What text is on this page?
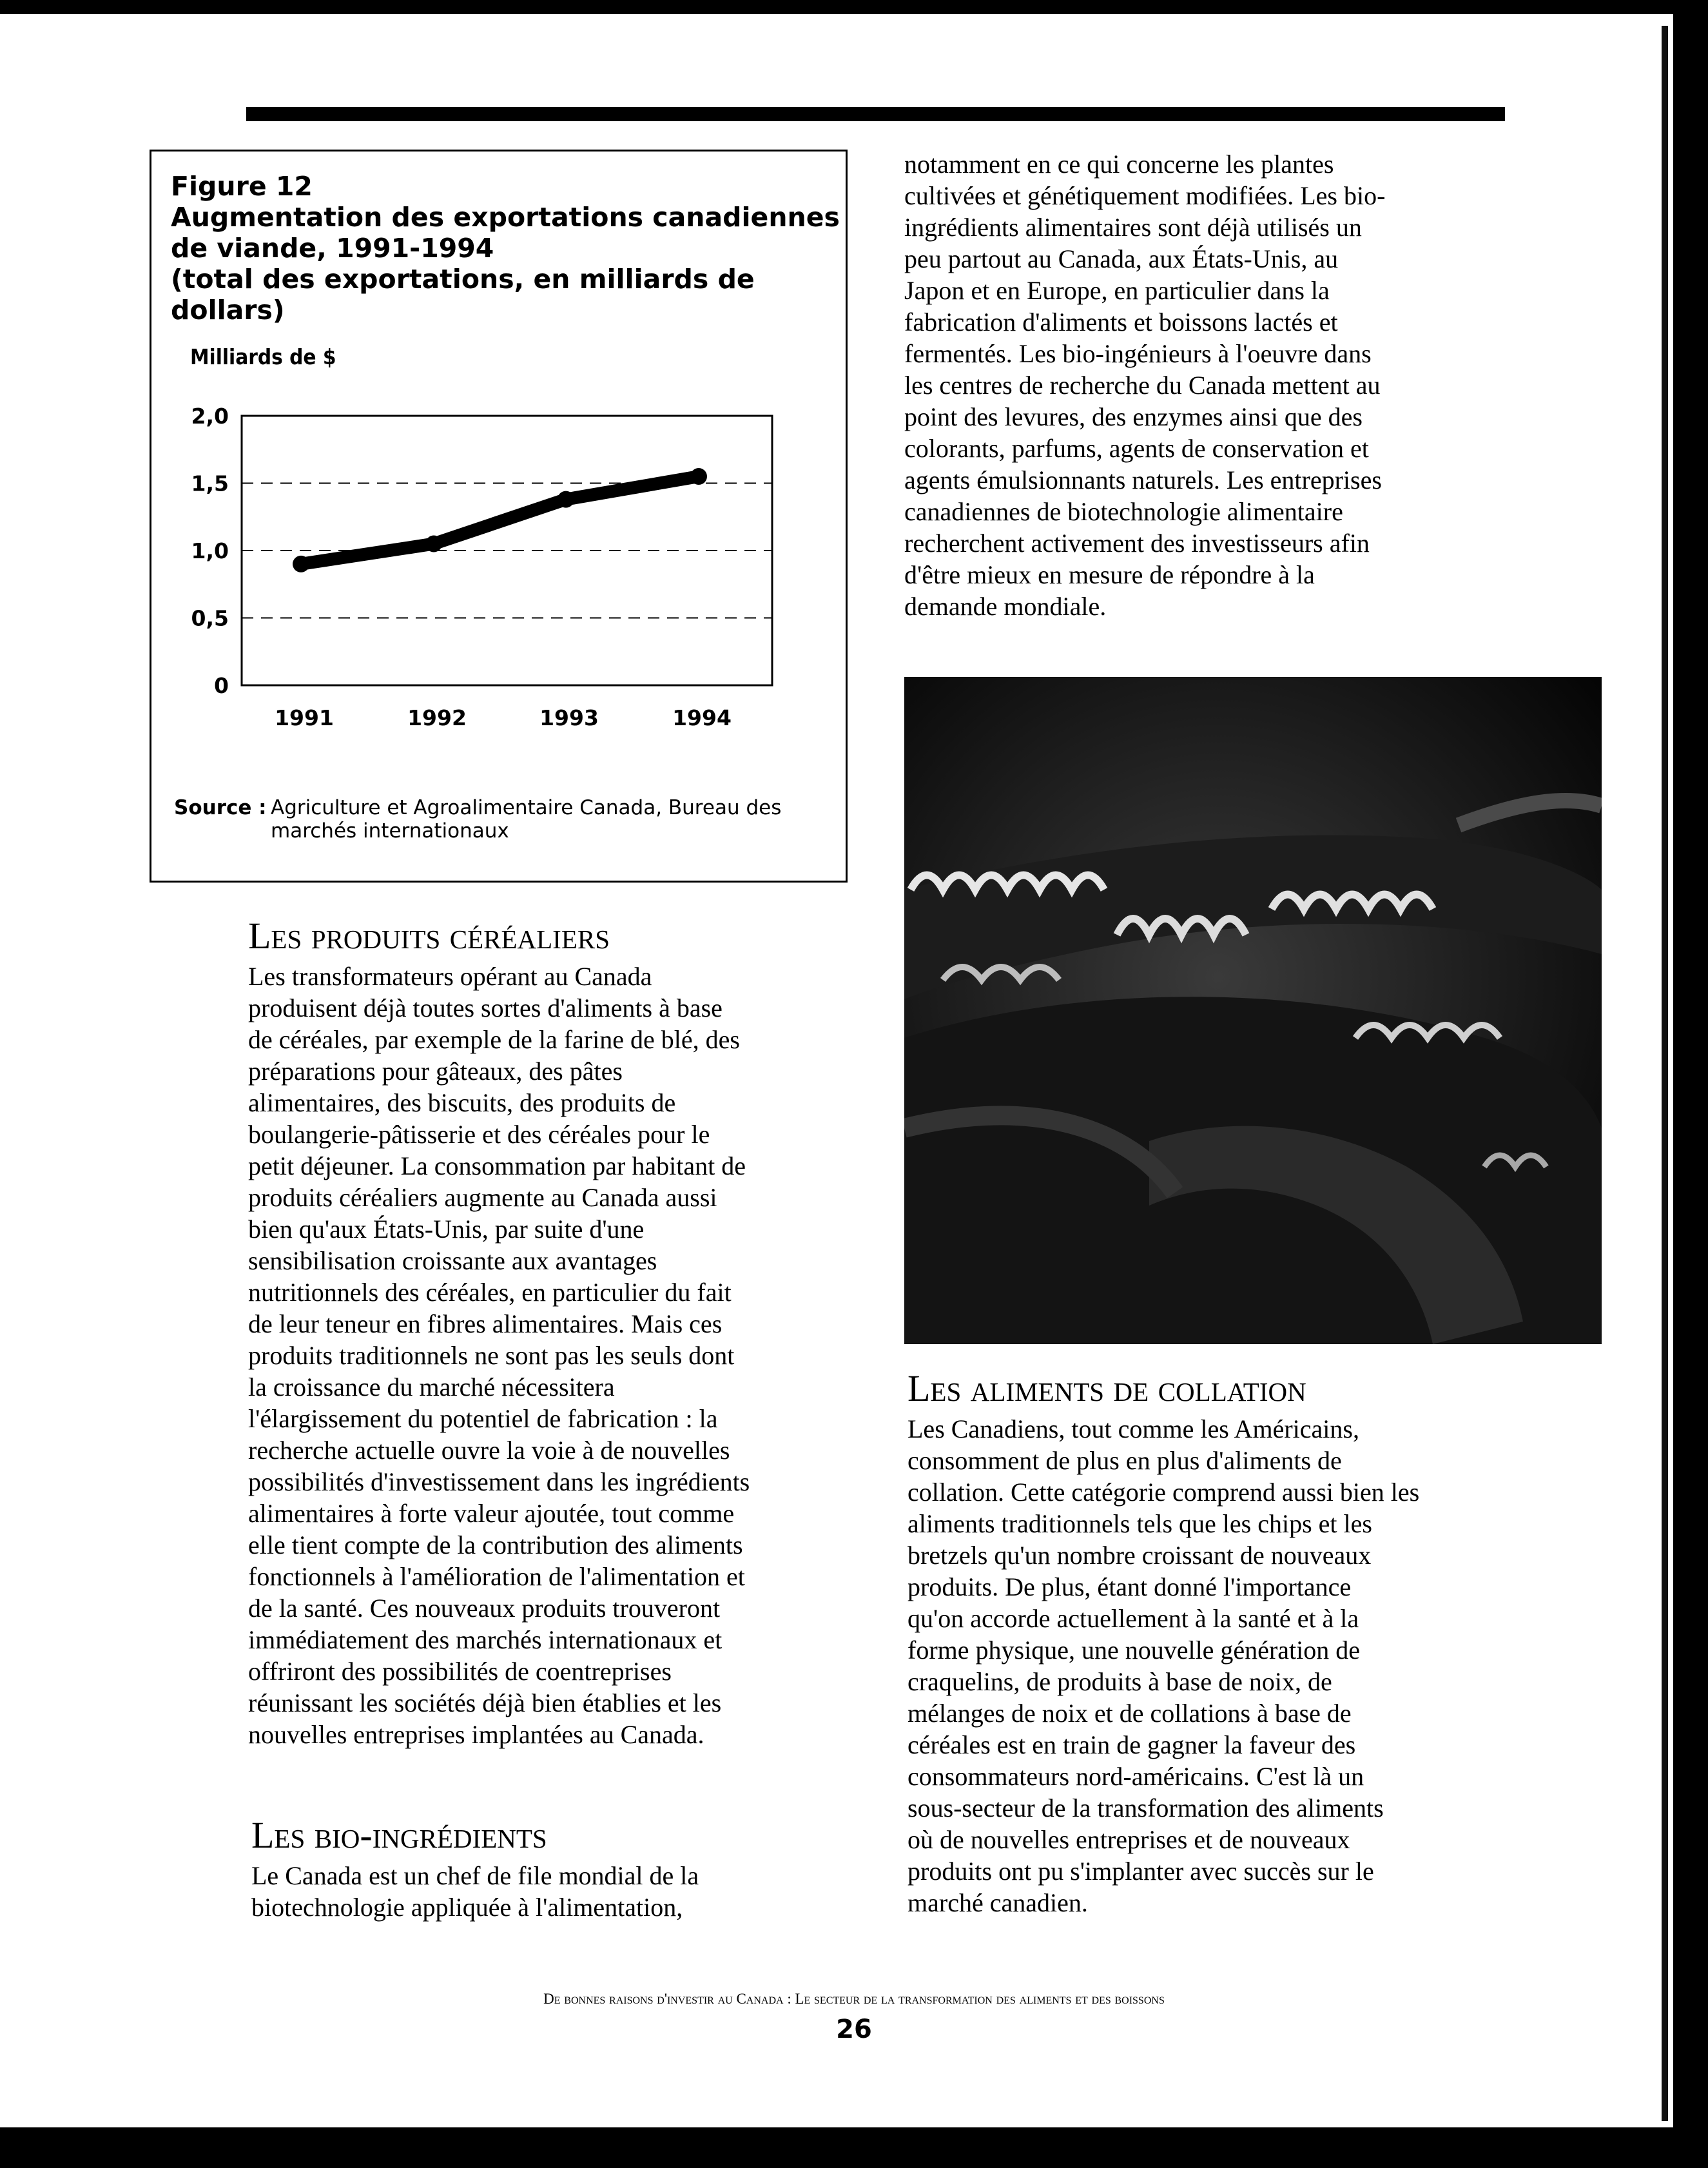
Figure 12
Augmentation des exportations canadiennes
de viande, 1991-1994
(total des exportations, en milliards de
dollars)
Milliards de $
0
0,5
1,0
1,5
2,0
1991	1992	1993	1994
Source : Agriculture et Agroalimentaire Canada, Bureau des
marchés internationaux
Les produits céréaliers
Les transformateurs opérant au Canada
produisent déjà toutes sortes d'aliments à base
de céréales, par exemple de la farine de blé, des
préparations pour gâteaux, des pâtes
alimentaires, des biscuits, des produits de
boulangerie-pâtisserie et des céréales pour le
petit déjeuner. La consommation par habitant de
produits céréaliers augmente au Canada aussi
bien qu'aux États-Unis, par suite d'une
sensibilisation croissante aux avantages
nutritionnels des céréales, en particulier du fait
de leur teneur en fibres alimentaires. Mais ces
produits traditionnels ne sont pas les seuls dont
la croissance du marché nécessitera
l'élargissement du potentiel de fabrication : la
recherche actuelle ouvre la voie à de nouvelles
possibilités d'investissement dans les ingrédients
alimentaires à forte valeur ajoutée, tout comme
elle tient compte de la contribution des aliments
fonctionnels à l'amélioration de l'alimentation et
de la santé. Ces nouveaux produits trouveront
immédiatement des marchés internationaux et
offriront des possibilités de coentreprises
réunissant les sociétés déjà bien établies et les
nouvelles entreprises implantées au Canada.
Les bio-ingrédients
Le Canada est un chef de file mondial de la
biotechnologie appliquée à l'alimentation,
notamment en ce qui concerne les plantes
cultivées et génétiquement modifiées. Les bio-
ingrédients alimentaires sont déjà utilisés un
peu partout au Canada, aux États-Unis, au
Japon et en Europe, en particulier dans la
fabrication d'aliments et boissons lactés et
fermentés. Les bio-ingénieurs à l'oeuvre dans
les centres de recherche du Canada mettent au
point des levures, des enzymes ainsi que des
colorants, parfums, agents de conservation et
agents émulsionnants naturels. Les entreprises
canadiennes de biotechnologie alimentaire
recherchent activement des investisseurs afin
d'être mieux en mesure de répondre à la
demande mondiale.
Les aliments de collation
Les Canadiens, tout comme les Américains,
consomment de plus en plus d'aliments de
collation. Cette catégorie comprend aussi bien les
aliments traditionnels tels que les chips et les
bretzels qu'un nombre croissant de nouveaux
produits. De plus, étant donné l'importance
qu'on accorde actuellement à la santé et à la
forme physique, une nouvelle génération de
craquelins, de produits à base de noix, de
mélanges de noix et de collations à base de
céréales est en train de gagner la faveur des
consommateurs nord-américains. C'est là un
sous-secteur de la transformation des aliments
où de nouvelles entreprises et de nouveaux
produits ont pu s'implanter avec succès sur le
marché canadien.
De bonnes raisons d'investir au Canada : Le secteur de la transformation des aliments et des boissons
26
